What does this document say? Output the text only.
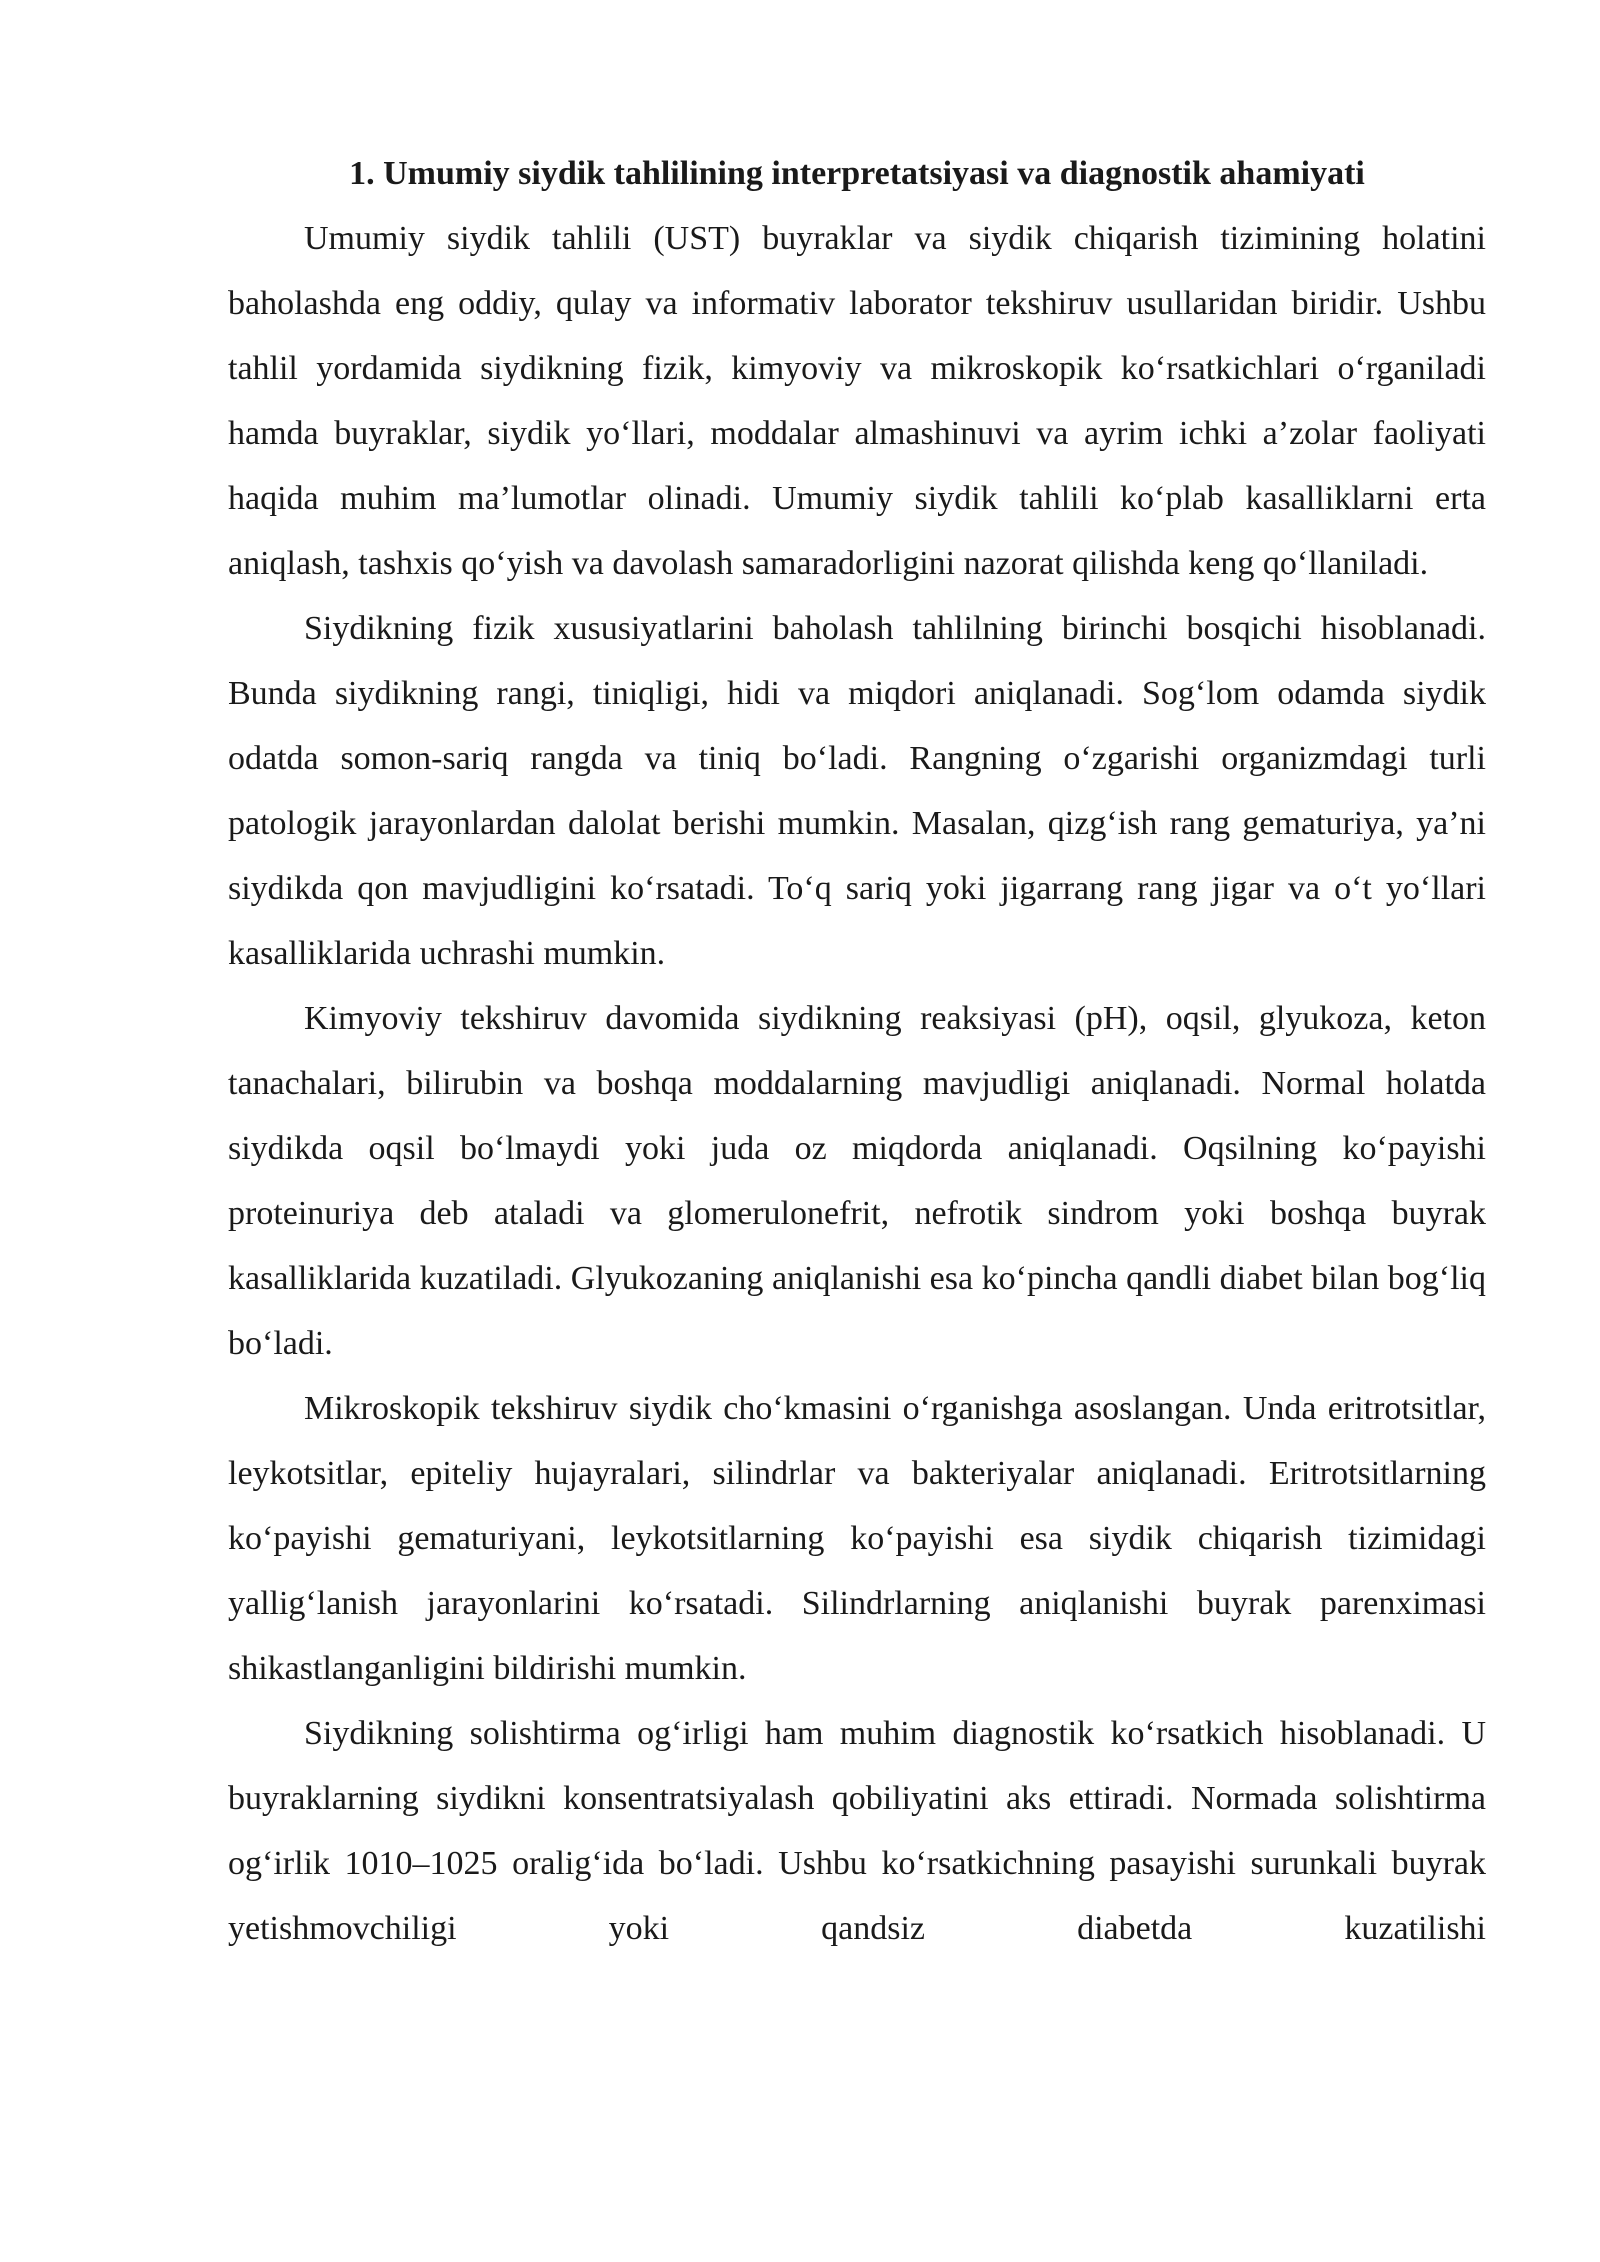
1. Umumiy siydik tahlilining interpretatsiyasi va diagnostik ahamiyati

Umumiy siydik tahlili (UST) buyraklar va siydik chiqarish tizimining holatini baholashda eng oddiy, qulay va informativ laborator tekshiruv usullaridan biridir. Ushbu tahlil yordamida siydikning fizik, kimyoviy va mikroskopik koʻrsatkichlari oʻrganiladi hamda buyraklar, siydik yoʻllari, moddalar almashinuvi va ayrim ichki a’zolar faoliyati haqida muhim ma’lumotlar olinadi. Umumiy siydik tahlili koʻplab kasalliklarni erta aniqlash, tashxis qoʻyish va davolash samaradorligini nazorat qilishda keng qoʻllaniladi.

Siydikning fizik xususiyatlarini baholash tahlilning birinchi bosqichi hisoblanadi. Bunda siydikning rangi, tiniqligi, hidi va miqdori aniqlanadi. Sogʻlom odamda siydik odatda somon-sariq rangda va tiniq boʻladi. Rangning oʻzgarishi organizmdagi turli patologik jarayonlardan dalolat berishi mumkin. Masalan, qizgʻish rang gematuriya, ya’ni siydikda qon mavjudligini koʻrsatadi. Toʻq sariq yoki jigarrang rang jigar va oʻt yoʻllari kasalliklarida uchrashi mumkin.

Kimyoviy tekshiruv davomida siydikning reaksiyasi (pH), oqsil, glyukoza, keton tanachalari, bilirubin va boshqa moddalarning mavjudligi aniqlanadi. Normal holatda siydikda oqsil boʻlmaydi yoki juda oz miqdorda aniqlanadi. Oqsilning koʻpayishi proteinuriya deb ataladi va glomerulonefrit, nefrotik sindrom yoki boshqa buyrak kasalliklarida kuzatiladi. Glyukozaning aniqlanishi esa koʻpincha qandli diabet bilan bogʻliq boʻladi.

Mikroskopik tekshiruv siydik choʻkmasini oʻrganishga asoslangan. Unda eritrotsitlar, leykotsitlar, epiteliy hujayralari, silindrlar va bakteriyalar aniqlanadi. Eritrotsitlarning koʻpayishi gematuriyani, leykotsitlarning koʻpayishi esa siydik chiqarish tizimidagi yalligʻlanish jarayonlarini koʻrsatadi. Silindrlarning aniqlanishi buyrak parenximasi shikastlanganligini bildirishi mumkin.

Siydikning solishtirma ogʻirligi ham muhim diagnostik koʻrsatkich hisoblanadi. U buyraklarning siydikni konsentratsiyalash qobiliyatini aks ettiradi. Normada solishtirma ogʻirlik 1010–1025 oraligʻida boʻladi. Ushbu koʻrsatkichning pasayishi surunkali buyrak yetishmovchiligi yoki qandsiz diabetda kuzatilishi
